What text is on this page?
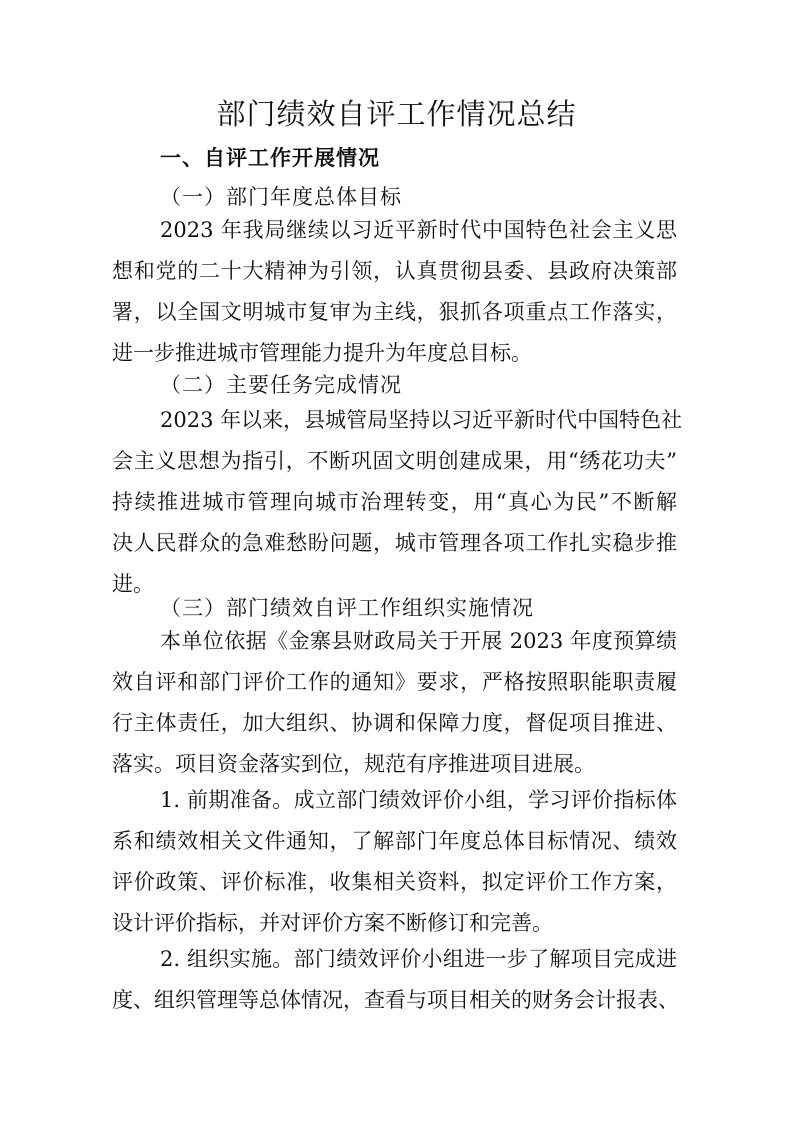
部门绩效自评工作情况总结
一、自评工作开展情况
（一）部门年度总体目标
2023 年我局继续以习近平新时代中国特色社会主义思
想和党的二十大精神为引领，认真贯彻县委、县政府决策部
署，以全国文明城市复审为主线，狠抓各项重点工作落实，
进一步推进城市管理能力提升为年度总目标。
（二）主要任务完成情况
2023 年以来，县城管局坚持以习近平新时代中国特色社
会主义思想为指引，不断巩固文明创建成果，用“绣花功夫”
持续推进城市管理向城市治理转变，用“真心为民”不断解
决人民群众的急难愁盼问题，城市管理各项工作扎实稳步推
进。
（三）部门绩效自评工作组织实施情况
本单位依据《金寨县财政局关于开展 2023 年度预算绩
效自评和部门评价工作的通知》要求，严格按照职能职责履
行主体责任，加大组织、协调和保障力度，督促项目推进、
落实。项目资金落实到位，规范有序推进项目进展。
1. 前期准备。成立部门绩效评价小组，学习评价指标体
系和绩效相关文件通知，了解部门年度总体目标情况、绩效
评价政策、评价标准，收集相关资料，拟定评价工作方案，
设计评价指标，并对评价方案不断修订和完善。
2. 组织实施。部门绩效评价小组进一步了解项目完成进
度、组织管理等总体情况，查看与项目相关的财务会计报表、
